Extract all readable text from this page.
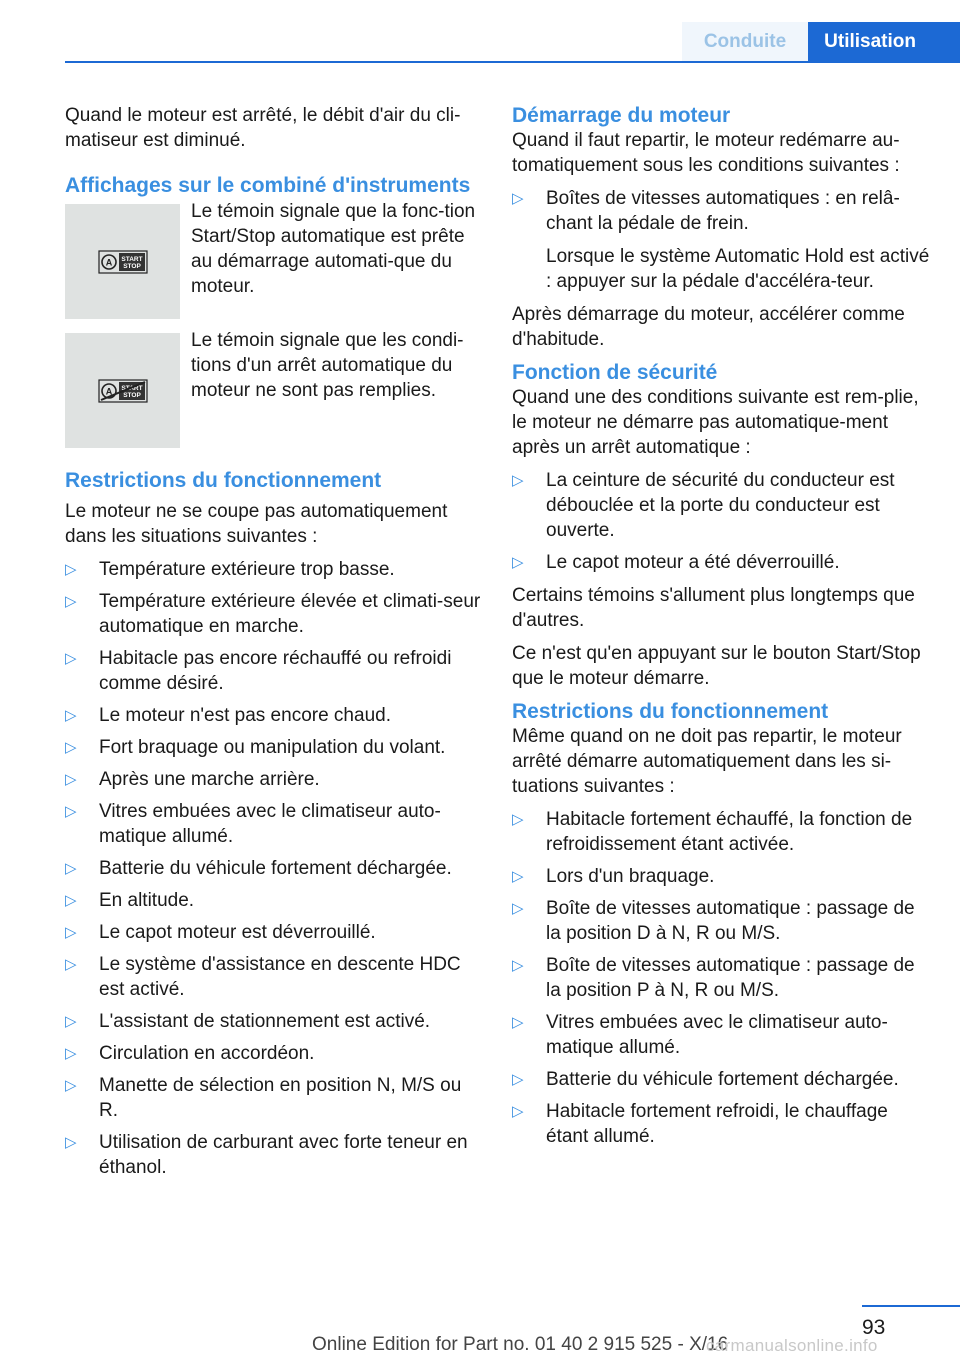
Conduite	Utilisation

Quand le moteur est arrêté, le débit d'air du cli-matiseur est diminué.

Affichages sur le combiné d'instruments
A START
STOP
Le témoin signale que la fonc-tion Start/Stop automatique est prête au démarrage automati-que du moteur.
A START
STOP
Le témoin signale que les condi-tions d'un arrêt automatique du moteur ne sont pas remplies.
Restrictions du fonctionnement

Le moteur ne se coupe pas automatiquement dans les situations suivantes :

▷ Température extérieure trop basse.
▷ Température extérieure élevée et climati-seur automatique en marche.
▷ Habitacle pas encore réchauffé ou refroidi comme désiré.
▷ Le moteur n'est pas encore chaud.
▷ Fort braquage ou manipulation du volant.
▷ Après une marche arrière.
▷ Vitres embuées avec le climatiseur auto-matique allumé.
▷ Batterie du véhicule fortement déchargée.
▷ En altitude.
▷ Le capot moteur est déverrouillé.
▷ Le système d'assistance en descente HDC est activé.
▷ L'assistant de stationnement est activé.
▷ Circulation en accordéon.
▷ Manette de sélection en position N, M/S ou R.
▷ Utilisation de carburant avec forte teneur en éthanol.
Démarrage du moteur

Quand il faut repartir, le moteur redémarre au-tomatiquement sous les conditions suivantes :

▷ Boîtes de vitesses automatiques : en relâ-chant la pédale de frein.
Lorsque le système Automatic Hold est activé : appuyer sur la pédale d'accéléra-teur.

Après démarrage du moteur, accélérer comme d'habitude.

Fonction de sécurité

Quand une des conditions suivante est rem-plie, le moteur ne démarre pas automatique-ment après un arrêt automatique :

▷ La ceinture de sécurité du conducteur est débouclée et la porte du conducteur est ouverte.
▷ Le capot moteur a été déverrouillé.

Certains témoins s'allument plus longtemps que d'autres.

Ce n'est qu'en appuyant sur le bouton Start/Stop que le moteur démarre.

Restrictions du fonctionnement

Même quand on ne doit pas repartir, le moteur arrêté démarre automatiquement dans les si-tuations suivantes :

▷ Habitacle fortement échauffé, la fonction de refroidissement étant activée.
▷ Lors d'un braquage.
▷ Boîte de vitesses automatique : passage de la position D à N, R ou M/S.
▷ Boîte de vitesses automatique : passage de la position P à N, R ou M/S.
▷ Vitres embuées avec le climatiseur auto-matique allumé.
▷ Batterie du véhicule fortement déchargée.
▷ Habitacle fortement refroidi, le chauffage étant allumé.
93
Online Edition for Part no. 01 40 2 915 525 - X/16
carmanualsonline.info
